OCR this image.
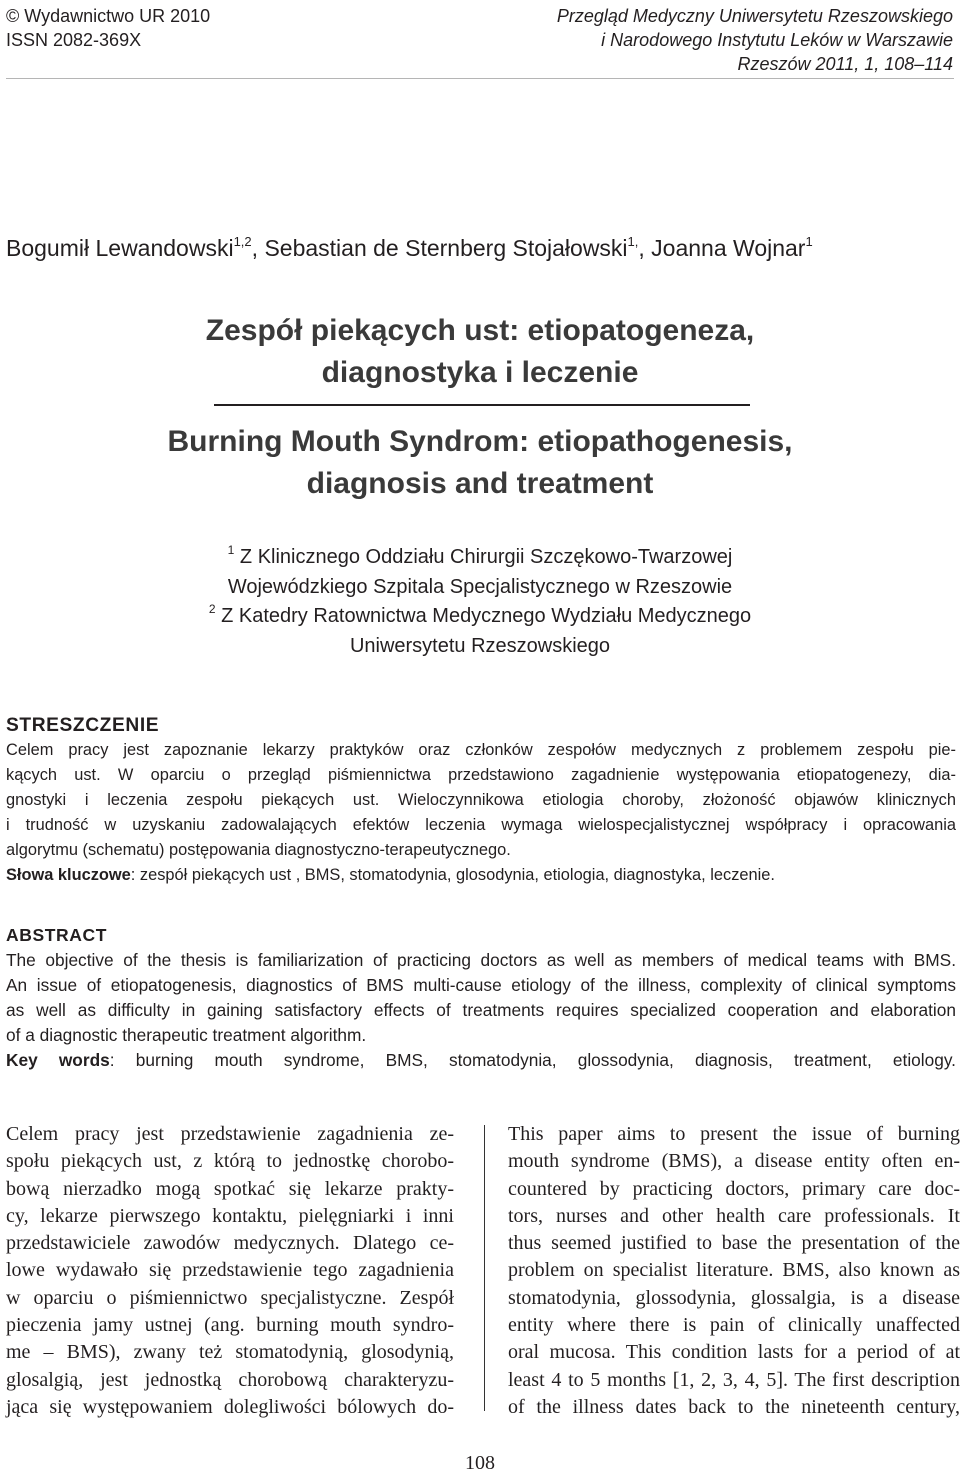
© Wydawnictwo UR 2010
ISSN 2082-369X
Przegląd Medyczny Uniwersytetu Rzeszowskiego
i Narodowego Instytutu Leków w Warszawie
Rzeszów 2011, 1, 108–114
Bogumił Lewandowski$^{1,2}$, Sebastian de Sternberg Stojałowski$^{1,}$, Joanna Wojnar$^1$
Zespół piekących ust: etiopatogeneza,
diagnostyka i leczenie
Burning Mouth Syndrom: etiopathogenesis,
diagnosis and treatment
$^1$ Z Klinicznego Oddziału Chirurgii Szczękowo-Twarzowej
Wojewódzkiego Szpitala Specjalistycznego w Rzeszowie
$^2$ Z Katedry Ratownictwa Medycznego Wydziału Medycznego
Uniwersytetu Rzeszowskiego
STRESZCZENIE
Celem pracy jest zapoznanie lekarzy praktyków oraz członków zespołów medycznych z problemem zespołu pie-
kących ust. W oparciu o przegląd piśmiennictwa przedstawiono zagadnienie występowania etiopatogenezy, dia-
gnostyki i leczenia zespołu piekących ust. Wieloczynnikowa etiologia choroby, złożoność objawów klinicznych
i trudność w uzyskaniu zadowalających efektów leczenia wymaga wielospecjalistycznej współpracy i opracowania
algorytmu (schematu) postępowania diagnostyczno-terapeutycznego.
Słowa kluczowe: zespół piekących ust , BMS, stomatodynia, glosodynia, etiologia, diagnostyka, leczenie.
ABSTRACT
The objective of the thesis is familiarization of practicing doctors as well as members of medical teams with BMS.
An issue of etiopatogenesis, diagnostics of BMS multi-cause etiology of the illness, complexity of clinical symptoms
as well as difficulty in gaining satisfactory effects of treatments requires specialized cooperation and elaboration
of a diagnostic therapeutic treatment algorithm.
Key words: burning mouth syndrome, BMS, stomatodynia, glossodynia, diagnosis, treatment, etiology.
Celem pracy jest przedstawienie zagadnienia ze-
społu piekących ust, z którą to jednostkę chorobo-
bową nierzadko mogą spotkać się lekarze prakty-
cy, lekarze pierwszego kontaktu, pielęgniarki i inni
przedstawiciele zawodów medycznych. Dlatego ce-
lowe wydawało się przedstawienie tego zagadnienia
w oparciu o piśmiennictwo specjalistyczne. Zespół
pieczenia jamy ustnej (ang. burning mouth syndro-
me – BMS), zwany też stomatodynią, glosodynią,
glosalgią, jest jednostką chorobową charakteryzu-
jąca się występowaniem dolegliwości bólowych do-
This paper aims to present the issue of burning
mouth syndrome (BMS), a disease entity often en-
countered by practicing doctors, primary care doc-
tors, nurses and other health care professionals. It
thus seemed justified to base the presentation of the
problem on specialist literature. BMS, also known as
stomatodynia, glossodynia, glossalgia, is a disease
entity where there is pain of clinically unaffected
oral mucosa. This condition lasts for a period of at
least 4 to 5 months [1, 2, 3, 4, 5]. The first description
of the illness dates back to the nineteenth century,
108
